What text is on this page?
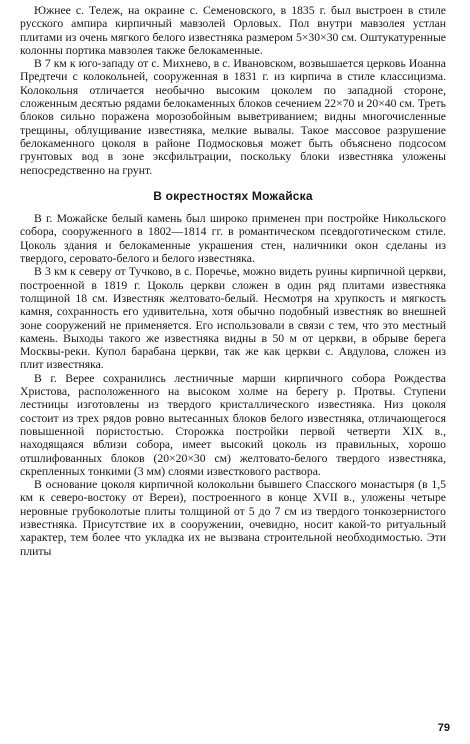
Южнее с. Тележ, на окраине с. Семеновского, в 1835 г. был выстроен в стиле русского ампира кирпичный мавзолей Орловых. Пол внутри мавзолея устлан плитами из очень мягкого белого известняка размером 5×30×30 см. Оштукатуренные колонны портика мавзолея также белокаменные.

В 7 км к юго-западу от с. Михнево, в с. Ивановском, возвышается церковь Иоанна Предтечи с колокольней, сооруженная в 1831 г. из кирпича в стиле классицизма. Колокольня отличается необычно высоким цоколем по западной стороне, сложенным десятью рядами белокаменных блоков сечением 22×70 и 20×40 см. Треть блоков сильно поражена морозобойным выветриванием; видны многочисленные трещины, облущивание известняка, мелкие вывалы. Такое массовое разрушение белокаменного цоколя в районе Подмосковья может быть объяснено подсосом грунтовых вод в зоне эксфильтрации, поскольку блоки известняка уложены непосредственно на грунт.

В окрестностях Можайска

В г. Можайске белый камень был широко применен при постройке Никольского собора, сооруженного в 1802—1814 гг. в романтическом псевдоготическом стиле. Цоколь здания и белокаменные украшения стен, наличники окон сделаны из твердого, серовато-белого и белого известняка.

В 3 км к северу от Тучково, в с. Поречье, можно видеть руины кирпичной церкви, построенной в 1819 г. Цоколь церкви сложен в один ряд плитами известняка толщиной 18 см. Известняк желтовато-белый. Несмотря на хрупкость и мягкость камня, сохранность его удивительна, хотя обычно подобный известняк во внешней зоне сооружений не применяется. Его использовали в связи с тем, что это местный камень. Выходы такого же известняка видны в 50 м от церкви, в обрыве берега Москвы-реки. Купол барабана церкви, так же как церкви с. Авдулова, сложен из плит известняка.

В г. Верее сохранились лестничные марши кирпичного собора Рождества Христова, расположенного на высоком холме на берегу р. Протвы. Ступени лестницы изготовлены из твердого кристаллического известняка. Низ цоколя состоит из трех рядов ровно вытесанных блоков белого известняка, отличающегося повышенной пористостью. Сторожка постройки первой четверти XIX в., находящаяся вблизи собора, имеет высокий цоколь из правильных, хорошо отшлифованных блоков (20×20×30 см) желтовато-белого твердого известняка, скрепленных тонкими (3 мм) слоями известкового раствора.

В основание цоколя кирпичной колокольни бывшего Спасского монастыря (в 1,5 км к северо-востоку от Вереи), построенного в конце XVII в., уложены четыре неровные грубоколотые плиты толщиной от 5 до 7 см из твердого тонкозернистого известняка. Присутствие их в сооружении, очевидно, носит какой-то ритуальный характер, тем более что укладка их не вызвана строительной необходимостью. Эти плиты

79
